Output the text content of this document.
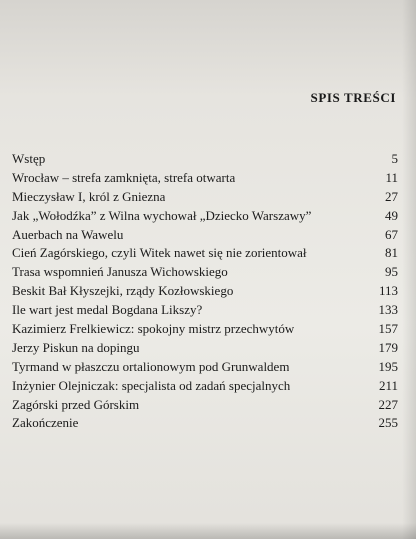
SPIS TREŚCI
Wstęp	5
Wrocław – strefa zamknięta, strefa otwarta	11
Mieczysław I, król z Gniezna	27
Jak „Wołodźka” z Wilna wychował „Dziecko Warszawy”	49
Auerbach na Wawelu	67
Cień Zagórskiego, czyli Witek nawet się nie zorientował	81
Trasa wspomnień Janusza Wichowskiego	95
Beskit Bał Kłyszejki, rządy Kozłowskiego	113
Ile wart jest medal Bogdana Likszy?	133
Kazimierz Frelkiewicz: spokojny mistrz przechwytów	157
Jerzy Piskun na dopingu	179
Tyrmand w płaszczu ortalionowym pod Grunwaldem	195
Inżynier Olejniczak: specjalista od zadań specjalnych	211
Zagórski przed Górskim	227
Zakończenie	255
